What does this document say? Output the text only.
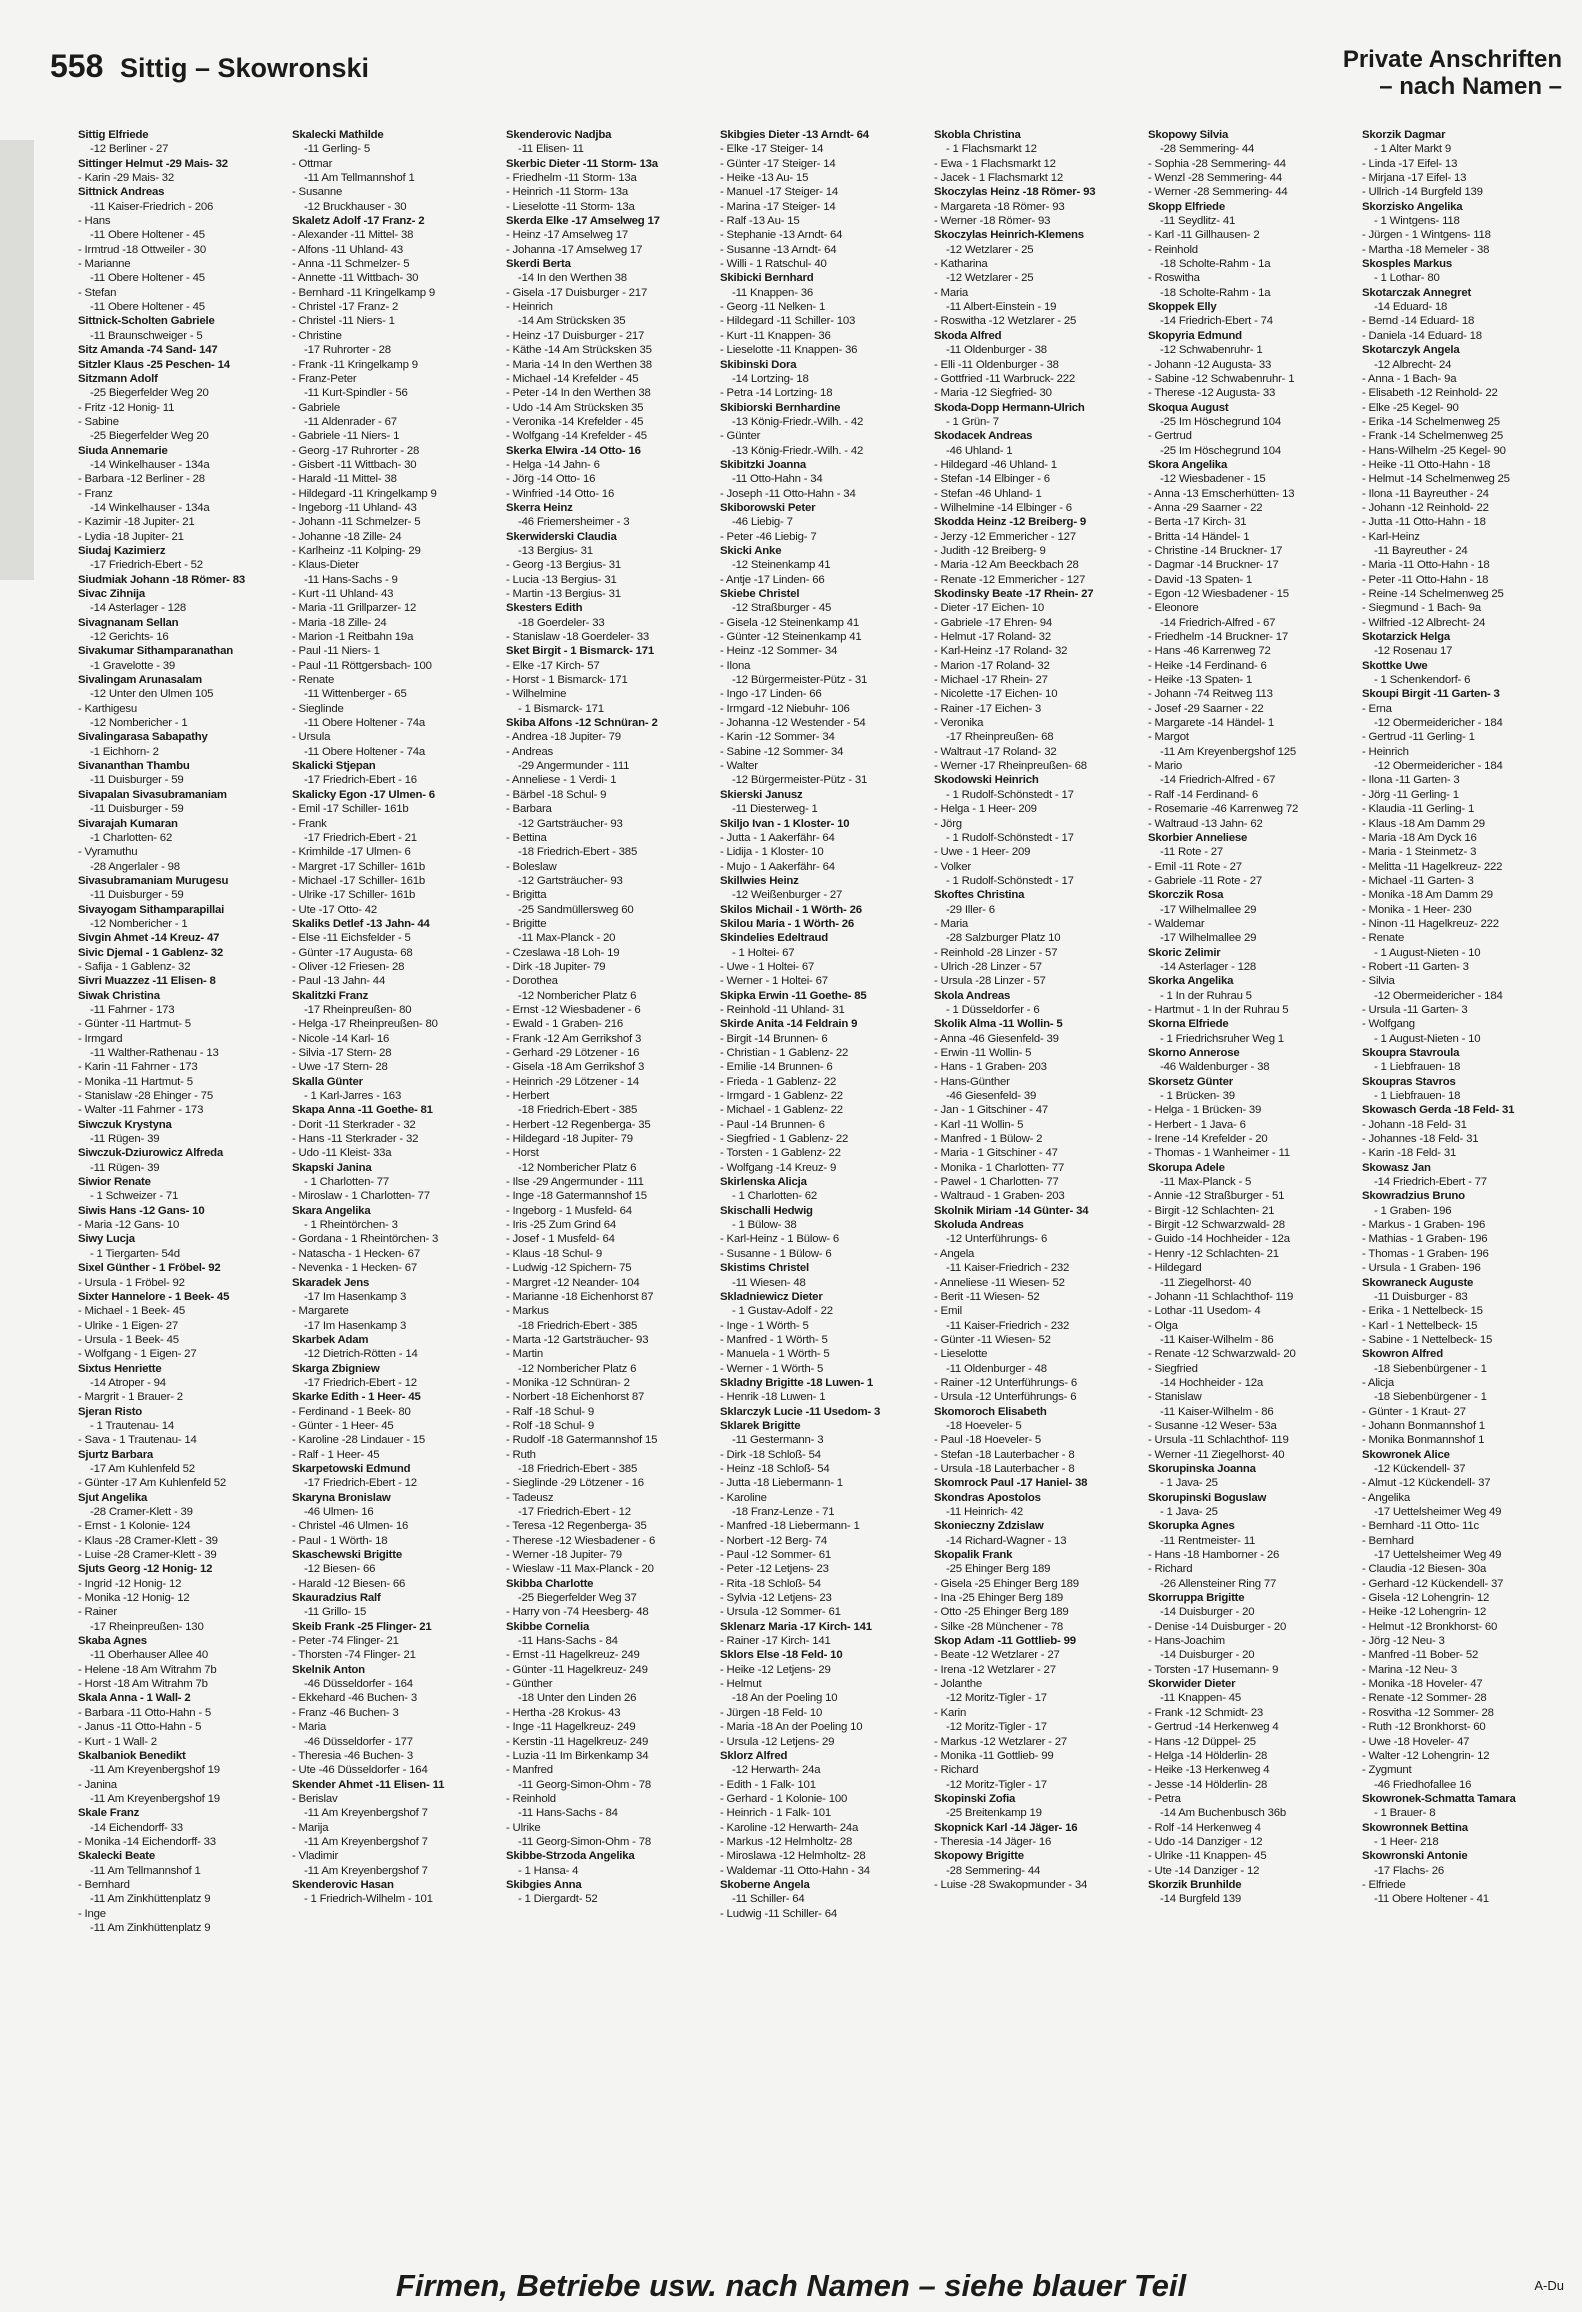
558 Sittig – Skowronski	Private Anschriften
– nach Namen –
Sittig Elfriede
-12 Berliner - 27
Sittinger Helmut -29 Mais- 32
- Karin -29 Mais- 32
Sittnick Andreas
-11 Kaiser-Friedrich - 206
- Hans
-11 Obere Holtener - 45
- Irmtrud -18 Ottweiler - 30
- Marianne
-11 Obere Holtener - 45
- Stefan
-11 Obere Holtener - 45
Sittnick-Scholten Gabriele
-11 Braunschweiger - 5
Sitz Amanda -74 Sand- 147
Sitzler Klaus -25 Peschen- 14
Sitzmann Adolf
-25 Biegerfelder Weg 20
- Fritz -12 Honig- 11
- Sabine
-25 Biegerfelder Weg 20
Siuda Annemarie
-14 Winkelhauser - 134a
- Barbara -12 Berliner - 28
- Franz
-14 Winkelhauser - 134a
- Kazimir -18 Jupiter- 21
- Lydia -18 Jupiter- 21
Siudaj Kazimierz
-17 Friedrich-Ebert - 52
Siudmiak Johann -18 Römer- 83
Sivac Zihnija
-14 Asterlager - 128
Sivagnanam Sellan
-12 Gerichts- 16
Sivakumar Sithamparanathan
-1 Gravelotte - 39
Sivalingam Arunasalam
-12 Unter den Ulmen 105
- Karthigesu
-12 Nombericher - 1
Sivalingarasa Sabapathy
-1 Eichhorn- 2
Sivananthan Thambu
-11 Duisburger - 59
Sivapalan Sivasubramaniam
-11 Duisburger - 59
Sivarajah Kumaran
-1 Charlotten- 62
- Vyramuthu
-28 Angerlaler - 98
Sivasubramaniam Murugesu
-11 Duisburger - 59
Sivayogam Sithamparapillai
-12 Nombericher - 1
Sivgin Ahmet -14 Kreuz- 47
Sivic Djemal - 1 Gablenz- 32
- Safija - 1 Gablenz- 32
Sivri Muazzez -11 Elisen- 8
Siwak Christina
-11 Fahrner - 173
- Günter -11 Hartmut- 5
- Irmgard
-11 Walther-Rathenau - 13
- Karin -11 Fahrner - 173
- Monika -11 Hartmut- 5
- Stanislaw -28 Ehinger - 75
- Walter -11 Fahrner - 173
Siwczuk Krystyna
-11 Rügen- 39
Siwczuk-Dziurowicz Alfreda
-11 Rügen- 39
Siwior Renate
- 1 Schweizer - 71
Siwis Hans -12 Gans- 10
- Maria -12 Gans- 10
Siwy Lucja
- 1 Tiergarten- 54d
Sixel Günther - 1 Fröbel- 92
- Ursula - 1 Fröbel- 92
Sixter Hannelore - 1 Beek- 45
- Michael - 1 Beek- 45
- Ulrike - 1 Eigen- 27
- Ursula - 1 Beek- 45
- Wolfgang - 1 Eigen- 27
Sixtus Henriette
-14 Atroper - 94
- Margrit - 1 Brauer- 2
Sjeran Risto
- 1 Trautenau- 14
- Sava - 1 Trautenau- 14
Sjurtz Barbara
-17 Am Kuhlenfeld 52
- Günter -17 Am Kuhlenfeld 52
Sjut Angelika
-28 Cramer-Klett - 39
- Ernst - 1 Kolonie- 124
- Klaus -28 Cramer-Klett - 39
- Luise -28 Cramer-Klett - 39
Sjuts Georg -12 Honig- 12
- Ingrid -12 Honig- 12
- Monika -12 Honig- 12
- Rainer
-17 Rheinpreußen- 130
Skaba Agnes
-11 Oberhauser Allee 40
- Helene -18 Am Witrahm 7b
- Horst -18 Am Witrahm 7b
Skala Anna - 1 Wall- 2
- Barbara -11 Otto-Hahn - 5
- Janus -11 Otto-Hahn - 5
- Kurt - 1 Wall- 2
Skalbaniok Benedikt
-11 Am Kreyenbergshof 19
- Janina
-11 Am Kreyenbergshof 19
Skale Franz
-14 Eichendorff- 33
- Monika -14 Eichendorff- 33
Skalecki Beate
-11 Am Tellmannshof 1
- Bernhard
-11 Am Zinkhüttenplatz 9
- Inge
-11 Am Zinkhüttenplatz 9
Skalecki Mathilde
-11 Gerling- 5
- Ottmar
-11 Am Tellmannshof 1
- Susanne
-12 Bruckhauser - 30
Skaletz Adolf -17 Franz- 2
- Alexander -11 Mittel- 38
- Alfons -11 Uhland- 43
- Anna -11 Schmelzer- 5
- Annette -11 Wittbach- 30
- Bernhard -11 Kringelkamp 9
- Christel -17 Franz- 2
- Christel -11 Niers- 1
- Christine
-17 Ruhrorter - 28
- Frank -11 Kringelkamp 9
- Franz-Peter
-11 Kurt-Spindler - 56
- Gabriele
-11 Aldenrader - 67
- Gabriele -11 Niers- 1
- Georg -17 Ruhrorter - 28
- Gisbert -11 Wittbach- 30
- Harald -11 Mittel- 38
- Hildegard -11 Kringelkamp 9
- Ingeborg -11 Uhland- 43
- Johann -11 Schmelzer- 5
- Johanne -18 Zille- 24
- Karlheinz -11 Kolping- 29
- Klaus-Dieter
-11 Hans-Sachs - 9
- Kurt -11 Uhland- 43
- Maria -11 Grillparzer- 12
- Maria -18 Zille- 24
- Marion -1 Reitbahn 19a
- Paul -11 Niers- 1
- Paul -11 Röttgersbach- 100
- Renate
-11 Wittenberger - 65
- Sieglinde
-11 Obere Holtener - 74a
- Ursula
-11 Obere Holtener - 74a
Skalicki Stjepan
-17 Friedrich-Ebert - 16
Skalicky Egon -17 Ulmen- 6
- Emil -17 Schiller- 161b
- Frank
-17 Friedrich-Ebert - 21
- Krimhilde -17 Ulmen- 6
- Margret -17 Schiller- 161b
- Michael -17 Schiller- 161b
- Ulrike -17 Schiller- 161b
- Ute -17 Otto- 42
Skaliks Detlef -13 Jahn- 44
- Else -11 Eichsfelder - 5
- Günter -17 Augusta- 68
- Oliver -12 Friesen- 28
- Paul -13 Jahn- 44
Skalitzki Franz
-17 Rheinpreußen- 80
- Helga -17 Rheinpreußen- 80
- Nicole -14 Karl- 16
- Silvia -17 Stern- 28
- Uwe -17 Stern- 28
Skalla Günter
- 1 Karl-Jarres - 163
Skapa Anna -11 Goethe- 81
- Dorit -11 Sterkrader - 32
- Hans -11 Sterkrader - 32
- Udo -11 Kleist- 33a
Skapski Janina
- 1 Charlotten- 77
- Miroslaw - 1 Charlotten- 77
Skara Angelika
- 1 Rheintörchen- 3
- Gordana - 1 Rheintörchen- 3
- Natascha - 1 Hecken- 67
- Nevenka - 1 Hecken- 67
Skaradek Jens
-17 Im Hasenkamp 3
- Margarete
-17 Im Hasenkamp 3
Skarbek Adam
-12 Dietrich-Rötten - 14
Skarga Zbigniew
-17 Friedrich-Ebert - 12
Skarke Edith - 1 Heer- 45
- Ferdinand - 1 Beek- 80
- Günter - 1 Heer- 45
- Karoline -28 Lindauer - 15
- Ralf - 1 Heer- 45
Skarpetowski Edmund
-17 Friedrich-Ebert - 12
Skaryna Bronislaw
-46 Ulmen- 16
- Christel -46 Ulmen- 16
- Paul - 1 Wörth- 18
Skaschewski Brigitte
-12 Biesen- 66
- Harald -12 Biesen- 66
Skauradzius Ralf
-11 Grillo- 15
Skeib Frank -25 Flinger- 21
- Peter -74 Flinger- 21
- Thorsten -74 Flinger- 21
Skelnik Anton
-46 Düsseldorfer - 164
- Ekkehard -46 Buchen- 3
- Franz -46 Buchen- 3
- Maria
-46 Düsseldorfer - 177
- Theresia -46 Buchen- 3
- Ute -46 Düsseldorfer - 164
Skender Ahmet -11 Elisen- 11
- Berislav
-11 Am Kreyenbergshof 7
- Marija
-11 Am Kreyenbergshof 7
- Vladimir
-11 Am Kreyenbergshof 7
Skenderovic Hasan
- 1 Friedrich-Wilhelm - 101
Skenderovic Nadjba
-11 Elisen- 11
Skerbic Dieter -11 Storm- 13a
- Friedhelm -11 Storm- 13a
- Heinrich -11 Storm- 13a
- Lieselotte -11 Storm- 13a
Skerda Elke -17 Amselweg 17
- Heinz -17 Amselweg 17
- Johanna -17 Amselweg 17
Skerdi Berta
-14 In den Werthen 38
- Gisela -17 Duisburger - 217
- Heinrich
-14 Am Strücksken 35
- Heinz -17 Duisburger - 217
- Käthe -14 Am Strücksken 35
- Maria -14 In den Werthen 38
- Michael -14 Krefelder - 45
- Peter -14 In den Werthen 38
- Udo -14 Am Strücksken 35
- Veronika -14 Krefelder - 45
- Wolfgang -14 Krefelder - 45
Skerka Elwira -14 Otto- 16
- Helga -14 Jahn- 6
- Jörg -14 Otto- 16
- Winfried -14 Otto- 16
Skerra Heinz
-46 Friemersheimer - 3
Skerwiderski Claudia
-13 Bergius- 31
- Georg -13 Bergius- 31
- Lucia -13 Bergius- 31
- Martin -13 Bergius- 31
Skesters Edith
-18 Goerdeler- 33
- Stanislaw -18 Goerdeler- 33
Sket Birgit - 1 Bismarck- 171
- Elke -17 Kirch- 57
- Horst - 1 Bismarck- 171
- Wilhelmine
- 1 Bismarck- 171
Skiba Alfons -12 Schnüran- 2
- Andrea -18 Jupiter- 79
- Andreas
-29 Angermunder - 111
- Anneliese - 1 Verdi- 1
- Bärbel -18 Schul- 9
- Barbara
-12 Gartsträucher- 93
- Bettina
-18 Friedrich-Ebert - 385
- Boleslaw
-12 Gartsträucher- 93
- Brigitta
-25 Sandmüllersweg 60
- Brigitte
-11 Max-Planck - 20
- Czeslawa -18 Loh- 19
- Dirk -18 Jupiter- 79
- Dorothea
-12 Nombericher Platz 6
- Ernst -12 Wiesbadener - 6
- Ewald - 1 Graben- 216
- Frank -12 Am Gerrikshof 3
- Gerhard -29 Lötzener - 16
- Gisela -18 Am Gerrikshof 3
- Heinrich -29 Lötzener - 14
- Herbert
-18 Friedrich-Ebert - 385
- Herbert -12 Regenberga- 35
- Hildegard -18 Jupiter- 79
- Horst
-12 Nombericher Platz 6
- Ilse -29 Angermunder - 111
- Inge -18 Gatermannshof 15
- Ingeborg - 1 Musfeld- 64
- Iris -25 Zum Grind 64
- Josef - 1 Musfeld- 64
- Klaus -18 Schul- 9
- Ludwig -12 Spichern- 75
- Margret -12 Neander- 104
- Marianne -18 Eichenhorst 87
- Markus
-18 Friedrich-Ebert - 385
- Marta -12 Gartsträucher- 93
- Martin
-12 Nombericher Platz 6
- Monika -12 Schnüran- 2
- Norbert -18 Eichenhorst 87
- Ralf -18 Schul- 9
- Rolf -18 Schul- 9
- Rudolf -18 Gatermannshof 15
- Ruth
-18 Friedrich-Ebert - 385
- Sieglinde -29 Lötzener - 16
- Tadeusz
-17 Friedrich-Ebert - 12
- Teresa -12 Regenberga- 35
- Therese -12 Wiesbadener - 6
- Werner -18 Jupiter- 79
- Wieslaw -11 Max-Planck - 20
Skibba Charlotte
-25 Biegerfelder Weg 37
- Harry von -74 Heesberg- 48
Skibbe Cornelia
-11 Hans-Sachs - 84
- Ernst -11 Hagelkreuz- 249
- Günter -11 Hagelkreuz- 249
- Günther
-18 Unter den Linden 26
- Hertha -28 Krokus- 43
- Inge -11 Hagelkreuz- 249
- Kerstin -11 Hagelkreuz- 249
- Luzia -11 Im Birkenkamp 34
- Manfred
-11 Georg-Simon-Ohm - 78
- Reinhold
-11 Hans-Sachs - 84
- Ulrike
-11 Georg-Simon-Ohm - 78
Skibbe-Strzoda Angelika
- 1 Hansa- 4
Skibgies Anna
- 1 Diergardt- 52
Skibgies Dieter -13 Arndt- 64
- Elke -17 Steiger- 14
- Günter -17 Steiger- 14
- Heike -13 Au- 15
- Manuel -17 Steiger- 14
- Marina -17 Steiger- 14
- Ralf -13 Au- 15
- Stephanie -13 Arndt- 64
- Susanne -13 Arndt- 64
- Willi - 1 Ratschul- 40
Skibicki Bernhard
-11 Knappen- 36
- Georg -11 Nelken- 1
- Hildegard -11 Schiller- 103
- Kurt -11 Knappen- 36
- Lieselotte -11 Knappen- 36
Skibinski Dora
-14 Lortzing- 18
- Petra -14 Lortzing- 18
Skibiorski Bernhardine
-13 König-Friedr.-Wilh. - 42
- Günter
-13 König-Friedr.-Wilh. - 42
Skibitzki Joanna
-11 Otto-Hahn - 34
- Joseph -11 Otto-Hahn - 34
Skiborowski Peter
-46 Liebig- 7
- Peter -46 Liebig- 7
Skicki Anke
-12 Steinenkamp 41
- Antje -17 Linden- 66
Skiebe Christel
-12 Straßburger - 45
- Gisela -12 Steinenkamp 41
- Günter -12 Steinenkamp 41
- Heinz -12 Sommer- 34
- Ilona
-12 Bürgermeister-Pütz - 31
- Ingo -17 Linden- 66
- Irmgard -12 Niebuhr- 106
- Johanna -12 Westender - 54
- Karin -12 Sommer- 34
- Sabine -12 Sommer- 34
- Walter
-12 Bürgermeister-Pütz - 31
Skierski Janusz
-11 Diesterweg- 1
Skiljo Ivan - 1 Kloster- 10
- Jutta - 1 Aakerfähr- 64
- Lidija - 1 Kloster- 10
- Mujo - 1 Aakerfähr- 64
Skillwies Heinz
-12 Weißenburger - 27
Skilos Michail - 1 Wörth- 26
Skilou Maria - 1 Wörth- 26
Skindelies Edeltraud
- 1 Holtei- 67
- Uwe - 1 Holtei- 67
- Werner - 1 Holtei- 67
Skipka Erwin -11 Goethe- 85
- Reinhold -11 Uhland- 31
Skirde Anita -14 Feldrain 9
- Birgit -14 Brunnen- 6
- Christian - 1 Gablenz- 22
- Emilie -14 Brunnen- 6
- Frieda - 1 Gablenz- 22
- Irmgard - 1 Gablenz- 22
- Michael - 1 Gablenz- 22
- Paul -14 Brunnen- 6
- Siegfried - 1 Gablenz- 22
- Torsten - 1 Gablenz- 22
- Wolfgang -14 Kreuz- 9
Skirlenska Alicja
- 1 Charlotten- 62
Skischalli Hedwig
- 1 Bülow- 38
- Karl-Heinz - 1 Bülow- 6
- Susanne - 1 Bülow- 6
Skistims Christel
-11 Wiesen- 48
Skladniewicz Dieter
- 1 Gustav-Adolf - 22
- Inge - 1 Wörth- 5
- Manfred - 1 Wörth- 5
- Manuela - 1 Wörth- 5
- Werner - 1 Wörth- 5
Skladny Brigitte -18 Luwen- 1
- Henrik -18 Luwen- 1
Sklarczyk Lucie -11 Usedom- 3
Sklarek Brigitte
-11 Gestermann- 3
- Dirk -18 Schloß- 54
- Heinz -18 Schloß- 54
- Jutta -18 Liebermann- 1
- Karoline
-18 Franz-Lenze - 71
- Manfred -18 Liebermann- 1
- Norbert -12 Berg- 74
- Paul -12 Sommer- 61
- Peter -12 Letjens- 23
- Rita -18 Schloß- 54
- Sylvia -12 Letjens- 23
- Ursula -12 Sommer- 61
Sklenarz Maria -17 Kirch- 141
- Rainer -17 Kirch- 141
Sklors Else -18 Feld- 10
- Heike -12 Letjens- 29
- Helmut
-18 An der Poeling 10
- Jürgen -18 Feld- 10
- Maria -18 An der Poeling 10
- Ursula -12 Letjens- 29
Sklorz Alfred
-12 Herwarth- 24a
- Edith - 1 Falk- 101
- Gerhard - 1 Kolonie- 100
- Heinrich - 1 Falk- 101
- Karoline -12 Herwarth- 24a
- Markus -12 Helmholtz- 28
- Miroslawa -12 Helmholtz- 28
- Waldemar -11 Otto-Hahn - 34
Skoberne Angela
-11 Schiller- 64
- Ludwig -11 Schiller- 64
Skobla Christina
- 1 Flachsmarkt 12
- Ewa - 1 Flachsmarkt 12
- Jacek - 1 Flachsmarkt 12
Skoczylas Heinz -18 Römer- 93
- Margareta -18 Römer- 93
- Werner -18 Römer- 93
Skoczylas Heinrich-Klemens
-12 Wetzlarer - 25
- Katharina
-12 Wetzlarer - 25
- Maria
-11 Albert-Einstein - 19
- Roswitha -12 Wetzlarer - 25
Skoda Alfred
-11 Oldenburger - 38
- Elli -11 Oldenburger - 38
- Gottfried -11 Warbruck- 222
- Maria -12 Siegfried- 30
Skoda-Dopp Hermann-Ulrich
- 1 Grün- 7
Skodacek Andreas
-46 Uhland- 1
- Hildegard -46 Uhland- 1
- Stefan -14 Elbinger - 6
- Stefan -46 Uhland- 1
- Wilhelmine -14 Elbinger - 6
Skodda Heinz -12 Breiberg- 9
- Jerzy -12 Emmericher - 127
- Judith -12 Breiberg- 9
- Maria -12 Am Beeckbach 28
- Renate -12 Emmericher - 127
Skodinsky Beate -17 Rhein- 27
- Dieter -17 Eichen- 10
- Gabriele -17 Ehren- 94
- Helmut -17 Roland- 32
- Karl-Heinz -17 Roland- 32
- Marion -17 Roland- 32
- Michael -17 Rhein- 27
- Nicolette -17 Eichen- 10
- Rainer -17 Eichen- 3
- Veronika
-17 Rheinpreußen- 68
- Waltraut -17 Roland- 32
- Werner -17 Rheinpreußen- 68
Skodowski Heinrich
- 1 Rudolf-Schönstedt - 17
- Helga - 1 Heer- 209
- Jörg
- 1 Rudolf-Schönstedt - 17
- Uwe - 1 Heer- 209
- Volker
- 1 Rudolf-Schönstedt - 17
Skoftes Christina
-29 Iller- 6
- Maria
-28 Salzburger Platz 10
- Reinhold -28 Linzer - 57
- Ulrich -28 Linzer - 57
- Ursula -28 Linzer - 57
Skola Andreas
- 1 Düsseldorfer - 6
Skolik Alma -11 Wollin- 5
- Anna -46 Giesenfeld- 39
- Erwin -11 Wollin- 5
- Hans - 1 Graben- 203
- Hans-Günther
-46 Giesenfeld- 39
- Jan - 1 Gitschiner - 47
- Karl -11 Wollin- 5
- Manfred - 1 Bülow- 2
- Maria - 1 Gitschiner - 47
- Monika - 1 Charlotten- 77
- Pawel - 1 Charlotten- 77
- Waltraud - 1 Graben- 203
Skolnik Miriam -14 Günter- 34
Skoluda Andreas
-12 Unterführungs- 6
- Angela
-11 Kaiser-Friedrich - 232
- Anneliese -11 Wiesen- 52
- Berit -11 Wiesen- 52
- Emil
-11 Kaiser-Friedrich - 232
- Günter -11 Wiesen- 52
- Lieselotte
-11 Oldenburger - 48
- Rainer -12 Unterführungs- 6
- Ursula -12 Unterführungs- 6
Skomoroch Elisabeth
-18 Hoeveler- 5
- Paul -18 Hoeveler- 5
- Stefan -18 Lauterbacher - 8
- Ursula -18 Lauterbacher - 8
Skomrock Paul -17 Haniel- 38
Skondras Apostolos
-11 Heinrich- 42
Skonieczny Zdzislaw
-14 Richard-Wagner - 13
Skopalik Frank
-25 Ehinger Berg 189
- Gisela -25 Ehinger Berg 189
- Ina -25 Ehinger Berg 189
- Otto -25 Ehinger Berg 189
- Silke -28 Münchener - 78
Skop Adam -11 Gottlieb- 99
- Beate -12 Wetzlarer - 27
- Irena -12 Wetzlarer - 27
- Jolanthe
-12 Moritz-Tigler - 17
- Karin
-12 Moritz-Tigler - 17
- Markus -12 Wetzlarer - 27
- Monika -11 Gottlieb- 99
- Richard
-12 Moritz-Tigler - 17
Skopinski Zofia
-25 Breitenkamp 19
Skopnick Karl -14 Jäger- 16
- Theresia -14 Jäger- 16
Skopowy Brigitte
-28 Semmering- 44
- Luise -28 Swakopmunder - 34
Skopowy Silvia
-28 Semmering- 44
- Sophia -28 Semmering- 44
- Wenzl -28 Semmering- 44
- Werner -28 Semmering- 44
Skopp Elfriede
-11 Seydlitz- 41
- Karl -11 Gillhausen- 2
- Reinhold
-18 Scholte-Rahm - 1a
- Roswitha
-18 Scholte-Rahm - 1a
Skoppek Elly
-14 Friedrich-Ebert - 74
Skopyria Edmund
-12 Schwabenruhr- 1
- Johann -12 Augusta- 33
- Sabine -12 Schwabenruhr- 1
- Therese -12 Augusta- 33
Skoqua August
-25 Im Höschegrund 104
- Gertrud
-25 Im Höschegrund 104
Skora Angelika
-12 Wiesbadener - 15
- Anna -13 Emscherhütten- 13
- Anna -29 Saarner - 22
- Berta -17 Kirch- 31
- Britta -14 Händel- 1
- Christine -14 Bruckner- 17
- Dagmar -14 Bruckner- 17
- David -13 Spaten- 1
- Egon -12 Wiesbadener - 15
- Eleonore
-14 Friedrich-Alfred - 67
- Friedhelm -14 Bruckner- 17
- Hans -46 Karrenweg 72
- Heike -14 Ferdinand- 6
- Heike -13 Spaten- 1
- Johann -74 Reitweg 113
- Josef -29 Saarner - 22
- Margarete -14 Händel- 1
- Margot
-11 Am Kreyenbergshof 125
- Mario
-14 Friedrich-Alfred - 67
- Ralf -14 Ferdinand- 6
- Rosemarie -46 Karrenweg 72
- Waltraud -13 Jahn- 62
Skorbier Anneliese
-11 Rote - 27
- Emil -11 Rote - 27
- Gabriele -11 Rote - 27
Skorczik Rosa
-17 Wilhelmallee 29
- Waldemar
-17 Wilhelmallee 29
Skoric Zelimir
-14 Asterlager - 128
Skorka Angelika
- 1 In der Ruhrau 5
- Hartmut - 1 In der Ruhrau 5
Skorna Elfriede
- 1 Friedrichsruher Weg 1
Skorno Annerose
-46 Waldenburger - 38
Skorsetz Günter
- 1 Brücken- 39
- Helga - 1 Brücken- 39
- Herbert - 1 Java- 6
- Irene -14 Krefelder - 20
- Thomas - 1 Wanheimer - 11
Skorupa Adele
-11 Max-Planck - 5
- Annie -12 Straßburger - 51
- Birgit -12 Schlachten- 21
- Birgit -12 Schwarzwald- 28
- Guido -14 Hochheider - 12a
- Henry -12 Schlachten- 21
- Hildegard
-11 Ziegelhorst- 40
- Johann -11 Schlachthof- 119
- Lothar -11 Usedom- 4
- Olga
-11 Kaiser-Wilhelm - 86
- Renate -12 Schwarzwald- 20
- Siegfried
-14 Hochheider - 12a
- Stanislaw
-11 Kaiser-Wilhelm - 86
- Susanne -12 Weser- 53a
- Ursula -11 Schlachthof- 119
- Werner -11 Ziegelhorst- 40
Skorupinska Joanna
- 1 Java- 25
Skorupinski Boguslaw
- 1 Java- 25
Skorupka Agnes
-11 Rentmeister- 11
- Hans -18 Hamborner - 26
- Richard
-26 Allensteiner Ring 77
Skorruppa Brigitte
-14 Duisburger - 20
- Denise -14 Duisburger - 20
- Hans-Joachim
-14 Duisburger - 20
- Torsten -17 Husemann- 9
Skorwider Dieter
-11 Knappen- 45
- Frank -12 Schmidt- 23
- Gertrud -14 Herkenweg 4
- Hans -12 Düppel- 25
- Helga -14 Hölderlin- 28
- Heike -13 Herkenweg 4
- Jesse -14 Hölderlin- 28
- Petra
-14 Am Buchenbusch 36b
- Rolf -14 Herkenweg 4
- Udo -14 Danziger - 12
- Ulrike -11 Knappen- 45
- Ute -14 Danziger - 12
Skorzik Brunhilde
-14 Burgfeld 139
Skorzik Dagmar
- 1 Alter Markt 9
- Linda -17 Eifel- 13
- Mirjana -17 Eifel- 13
- Ullrich -14 Burgfeld 139
Skorzisko Angelika
- 1 Wintgens- 118
- Jürgen - 1 Wintgens- 118
- Martha -18 Memeler - 38
Skosples Markus
- 1 Lothar- 80
Skotarczak Annegret
-14 Eduard- 18
- Bernd -14 Eduard- 18
- Daniela -14 Eduard- 18
Skotarczyk Angela
-12 Albrecht- 24
- Anna - 1 Bach- 9a
- Elisabeth -12 Reinhold- 22
- Elke -25 Kegel- 90
- Erika -14 Schelmenweg 25
- Frank -14 Schelmenweg 25
- Hans-Wilhelm -25 Kegel- 90
- Heike -11 Otto-Hahn - 18
- Helmut -14 Schelmenweg 25
- Ilona -11 Bayreuther - 24
- Johann -12 Reinhold- 22
- Jutta -11 Otto-Hahn - 18
- Karl-Heinz
-11 Bayreuther - 24
- Maria -11 Otto-Hahn - 18
- Peter -11 Otto-Hahn - 18
- Reine -14 Schelmenweg 25
- Siegmund - 1 Bach- 9a
- Wilfried -12 Albrecht- 24
Skotarzick Helga
-12 Rosenau 17
Skottke Uwe
- 1 Schenkendorf- 6
Skoupi Birgit -11 Garten- 3
- Erna
-12 Obermeidericher - 184
- Gertrud -11 Gerling- 1
- Heinrich
-12 Obermeidericher - 184
- Ilona -11 Garten- 3
- Jörg -11 Gerling- 1
- Klaudia -11 Gerling- 1
- Klaus -18 Am Damm 29
- Maria -18 Am Dyck 16
- Maria - 1 Steinmetz- 3
- Melitta -11 Hagelkreuz- 222
- Michael -11 Garten- 3
- Monika -18 Am Damm 29
- Monika - 1 Heer- 230
- Ninon -11 Hagelkreuz- 222
- Renate
- 1 August-Nieten - 10
- Robert -11 Garten- 3
- Silvia
-12 Obermeidericher - 184
- Ursula -11 Garten- 3
- Wolfgang
- 1 August-Nieten - 10
Skoupra Stavroula
- 1 Liebfrauen- 18
Skoupras Stavros
- 1 Liebfrauen- 18
Skowasch Gerda -18 Feld- 31
- Johann -18 Feld- 31
- Johannes -18 Feld- 31
- Karin -18 Feld- 31
Skowasz Jan
-14 Friedrich-Ebert - 77
Skowradzius Bruno
- 1 Graben- 196
- Markus - 1 Graben- 196
- Mathias - 1 Graben- 196
- Thomas - 1 Graben- 196
- Ursula - 1 Graben- 196
Skowraneck Auguste
-11 Duisburger - 83
- Erika - 1 Nettelbeck- 15
- Karl - 1 Nettelbeck- 15
- Sabine - 1 Nettelbeck- 15
Skowron Alfred
-18 Siebenbürgener - 1
- Alicja
-18 Siebenbürgener - 1
- Günter - 1 Kraut- 27
- Johann Bonmannshof 1
- Monika Bonmannshof 1
Skowronek Alice
-12 Kückendell- 37
- Almut -12 Kückendell- 37
- Angelika
-17 Uettelsheimer Weg 49
- Bernhard -11 Otto- 11c
- Bernhard
-17 Uettelsheimer Weg 49
- Claudia -12 Biesen- 30a
- Gerhard -12 Kückendell- 37
- Gisela -12 Lohengrin- 12
- Heike -12 Lohengrin- 12
- Helmut -12 Bronkhorst- 60
- Jörg -12 Neu- 3
- Manfred -11 Bober- 52
- Marina -12 Neu- 3
- Monika -18 Hoveler- 47
- Renate -12 Sommer- 28
- Rosvitha -12 Sommer- 28
- Ruth -12 Bronkhorst- 60
- Uwe -18 Hoveler- 47
- Walter -12 Lohengrin- 12
- Zygmunt
-46 Friedhofallee 16
Skowronek-Schmatta Tamara
- 1 Brauer- 8
Skowronnek Bettina
- 1 Heer- 218
Skowronski Antonie
-17 Flachs- 26
- Elfriede
-11 Obere Holtener - 41
Firmen, Betriebe usw. nach Namen – siehe blauer Teil	A-Du
